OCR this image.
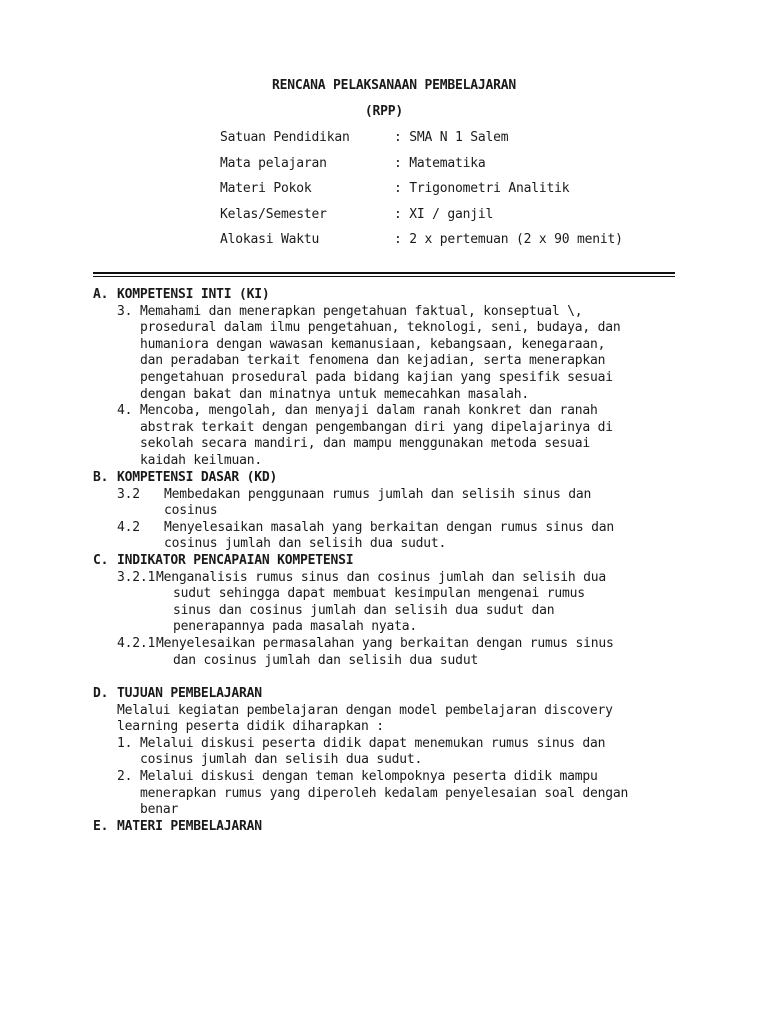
RENCANA PELAKSANAAN PEMBELAJARAN
(RPP)
Satuan Pendidikan	: SMA N 1 Salem
Mata pelajaran	: Matematika
Materi Pokok	: Trigonometri Analitik
Kelas/Semester	: XI / ganjil
Alokasi Waktu	: 2 x pertemuan (2 x 90 menit)
A. KOMPETENSI INTI (KI)
3. Memahami dan menerapkan pengetahuan faktual, konseptual \,
prosedural dalam ilmu pengetahuan, teknologi, seni, budaya, dan
humaniora dengan wawasan kemanusiaan, kebangsaan, kenegaraan,
dan peradaban terkait fenomena dan kejadian, serta menerapkan
pengetahuan prosedural pada bidang kajian yang spesifik sesuai
dengan bakat dan minatnya untuk memecahkan masalah.
4. Mencoba, mengolah, dan menyaji dalam ranah konkret dan ranah
abstrak terkait dengan pengembangan diri yang dipelajarinya di
sekolah secara mandiri, dan mampu menggunakan metoda sesuai
kaidah keilmuan.
B. KOMPETENSI DASAR (KD)
3.2 Membedakan penggunaan rumus jumlah dan selisih sinus dan
cosinus
4.2 Menyelesaikan masalah yang berkaitan dengan rumus sinus dan
cosinus jumlah dan selisih dua sudut.
C. INDIKATOR PENCAPAIAN KOMPETENSI
3.2.1 Menganalisis rumus sinus dan cosinus jumlah dan selisih dua
sudut sehingga dapat membuat kesimpulan mengenai rumus
sinus dan cosinus jumlah dan selisih dua sudut dan
penerapannya pada masalah nyata.
4.2.1 Menyelesaikan permasalahan yang berkaitan dengan rumus sinus
dan cosinus jumlah dan selisih dua sudut
D. TUJUAN PEMBELAJARAN
Melalui kegiatan pembelajaran dengan model pembelajaran discovery
learning peserta didik diharapkan :
1. Melalui diskusi peserta didik dapat menemukan rumus sinus dan
cosinus jumlah dan selisih dua sudut.
2. Melalui diskusi dengan teman kelompoknya peserta didik mampu
menerapkan rumus yang diperoleh kedalam penyelesaian soal dengan
benar
E. MATERI PEMBELAJARAN
